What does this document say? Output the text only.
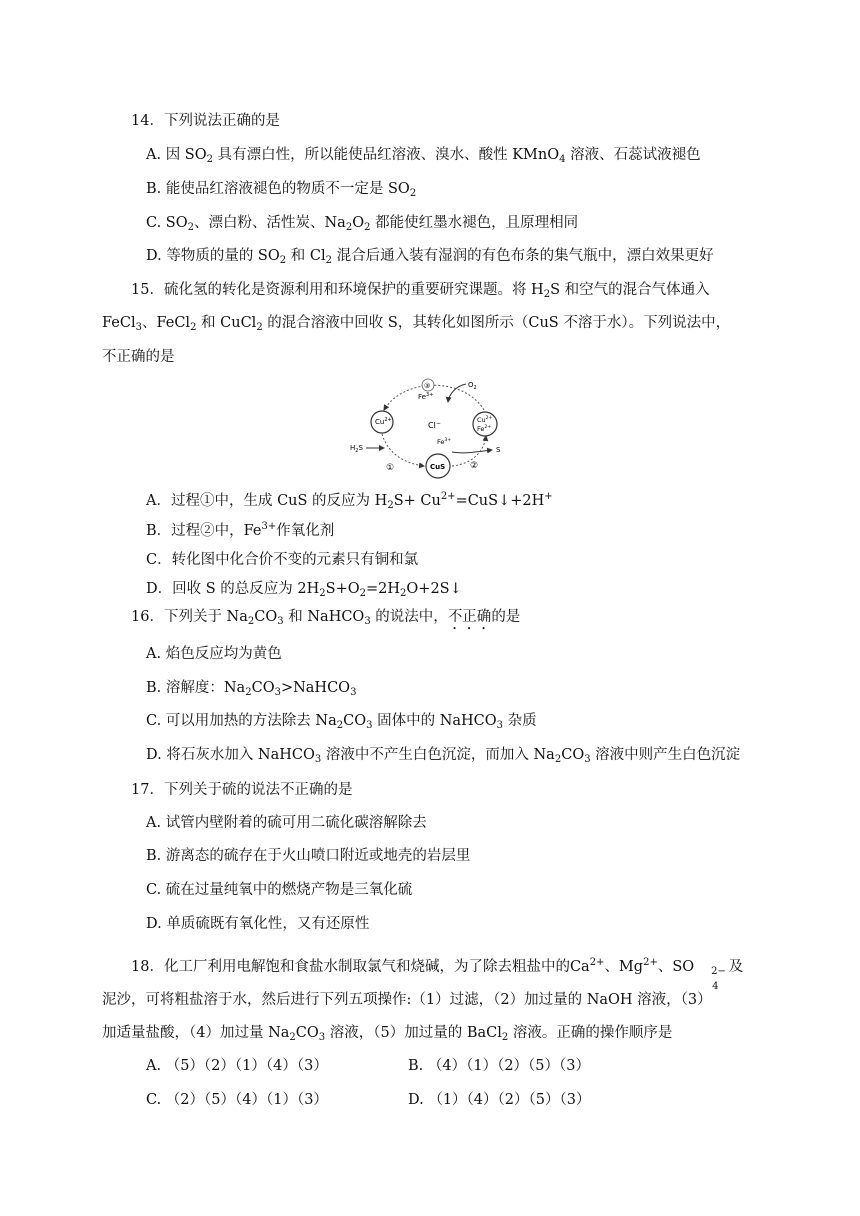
14．下列说法正确的是
A. 因 $SO_2$ 具有漂白性，所以能使品红溶液、溴水、酸性 KMnO$_4$ 溶液、石蕊试液褪色
B. 能使品红溶液褪色的物质不一定是 $SO_2$
C. $SO_2$、漂白粉、活性炭、$Na_2O_2$ 都能使红墨水褪色，且原理相同
D. 等物质的量的 $SO_2$ 和 $Cl_2$ 混合后通入装有湿润的有色布条的集气瓶中，漂白效果更好
15．硫化氢的转化是资源利用和环境保护的重要研究课题。将 $H_2S$ 和空气的混合气体通入
FeCl$_3$、FeCl$_2$ 和 CuCl$_2$ 的混合溶液中回收 S，其转化如图所示（CuS 不溶于水）。下列说法中，
不正确的是
③	$O_2$
$Fe^{3+}$
$Cu^{2+}$
Cl−	$Cu^{2+}$
$Fe^{2+}$
$Fe^{3+}$
$H_2S$
CuS
S
①	②
A．过程①中，生成 CuS 的反应为 $H_2S+$ $Cu^{2+}=CuS↓+2H^+$
B．过程②中，$Fe^{3+}$作氧化剂
C．转化图中化合价不变的元素只有铜和氯
D．回收 S 的总反应为 $2H_2S+O_2=2H_2O+2S↓$
16．下列关于 $Na_2CO_3$ 和 NaHCO$_3$ 的说法中，不正确的是
A. 焰色反应均为黄色
B. 溶解度：$Na_2CO_3>NaHCO_3$
C. 可以用加热的方法除去 $Na_2CO_3$ 固体中的 NaHCO$_3$ 杂质
D. 将石灰水加入 NaHCO$_3$ 溶液中不产生白色沉淀，而加入 $Na_2CO_3$ 溶液中则产生白色沉淀
17．下列关于硫的说法不正确的是
A. 试管内壁附着的硫可用二硫化碳溶解除去
B. 游离态的硫存在于火山喷口附近或地壳的岩层里
C. 硫在过量纯氧中的燃烧产物是三氧化硫
D. 单质硫既有氧化性，又有还原性
18．化工厂利用电解饱和食盐水制取氯气和烧碱，为了除去粗盐中的$Ca^{2+}$、$Mg^{2+}$、SO 2−
4
及
泥沙，可将粗盐溶于水，然后进行下列五项操作:（1）过滤，（2）加过量的 NaOH 溶液，（3）
加适量盐酸，（4）加过量 $Na_2CO_3$ 溶液，（5）加过量的 BaCl$_2$ 溶液。正确的操作顺序是
A. （5）（2）（1）（4）（3）	B. （4）（1）（2）（5）（3）
C. （2）（5）（4）（1）（3）	D. （1）（4）（2）（5）（3）
